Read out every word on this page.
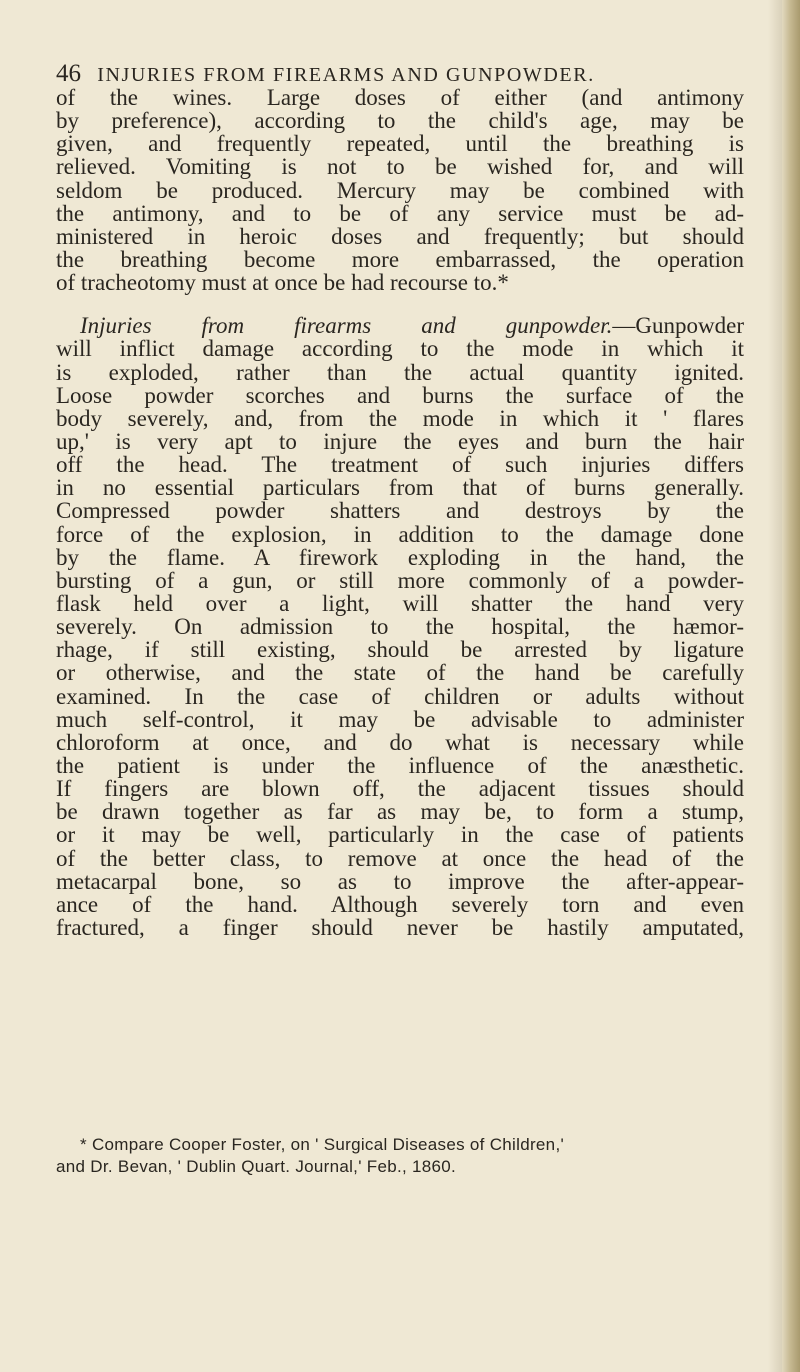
46 INJURIES FROM FIREARMS AND GUNPOWDER.
of the wines. Large doses of either (and antimony
by preference), according to the child's age, may be
given, and frequently repeated, until the breathing is
relieved. Vomiting is not to be wished for, and will
seldom be produced. Mercury may be combined with
the antimony, and to be of any service must be ad-
ministered in heroic doses and frequently; but should
the breathing become more embarrassed, the operation
of tracheotomy must at once be had recourse to.*
Injuries from firearms and gunpowder.—Gunpowder
will inflict damage according to the mode in which it
is exploded, rather than the actual quantity ignited.
Loose powder scorches and burns the surface of the
body severely, and, from the mode in which it ' flares
up,' is very apt to injure the eyes and burn the hair
off the head. The treatment of such injuries differs
in no essential particulars from that of burns generally.
Compressed powder shatters and destroys by the
force of the explosion, in addition to the damage done
by the flame. A firework exploding in the hand, the
bursting of a gun, or still more commonly of a powder-
flask held over a light, will shatter the hand very
severely. On admission to the hospital, the hæmor-
rhage, if still existing, should be arrested by ligature
or otherwise, and the state of the hand be carefully
examined. In the case of children or adults without
much self-control, it may be advisable to administer
chloroform at once, and do what is necessary while
the patient is under the influence of the anæsthetic.
If fingers are blown off, the adjacent tissues should
be drawn together as far as may be, to form a stump,
or it may be well, particularly in the case of patients
of the better class, to remove at once the head of the
metacarpal bone, so as to improve the after-appear-
ance of the hand. Although severely torn and even
fractured, a finger should never be hastily amputated,
* Compare Cooper Foster, on ' Surgical Diseases of Children,'
and Dr. Bevan, ' Dublin Quart. Journal,' Feb., 1860.
